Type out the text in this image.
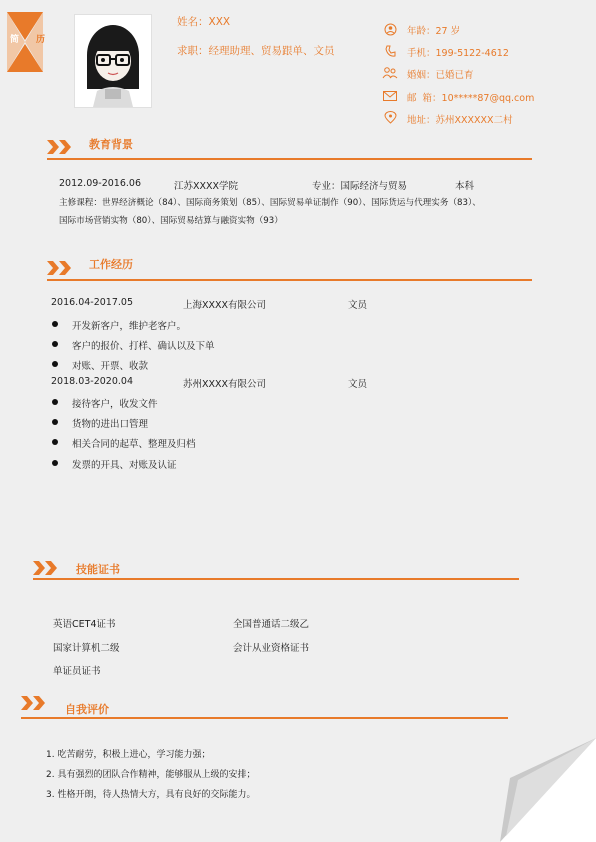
简 历
姓名：XXX
求职：经理助理、贸易跟单、文员
年龄：27 岁
手机：199-5122-4612
婚姻：已婚已育
邮  箱：10*****87@qq.com
地址：苏州XXXXXX二村
教育背景
2012.09-2016.06	江苏XXXX学院	专业：国际经济与贸易	本科
主修课程：世界经济概论（84）、国际商务策划（85）、国际贸易单证制作（90）、国际货运与代理实务（83）、
国际市场营销实物（80）、国际贸易结算与融资实物（93）
工作经历
2016.04-2017.05	上海XXXX有限公司	文员
开发新客户，维护老客户。
客户的报价、打样、确认以及下单
对账、开票、收款
2018.03-2020.04	苏州XXXX有限公司	文员
接待客户，收发文件
货物的进出口管理
相关合同的起草、整理及归档
发票的开具、对账及认证
技能证书
英语CET4证书	全国普通话二级乙
国家计算机二级	会计从业资格证书
单证员证书
自我评价
1. 吃苦耐劳，积极上进心，学习能力强；
2. 具有强烈的团队合作精神，能够服从上级的安排；
3. 性格开朗，待人热情大方，具有良好的交际能力。
